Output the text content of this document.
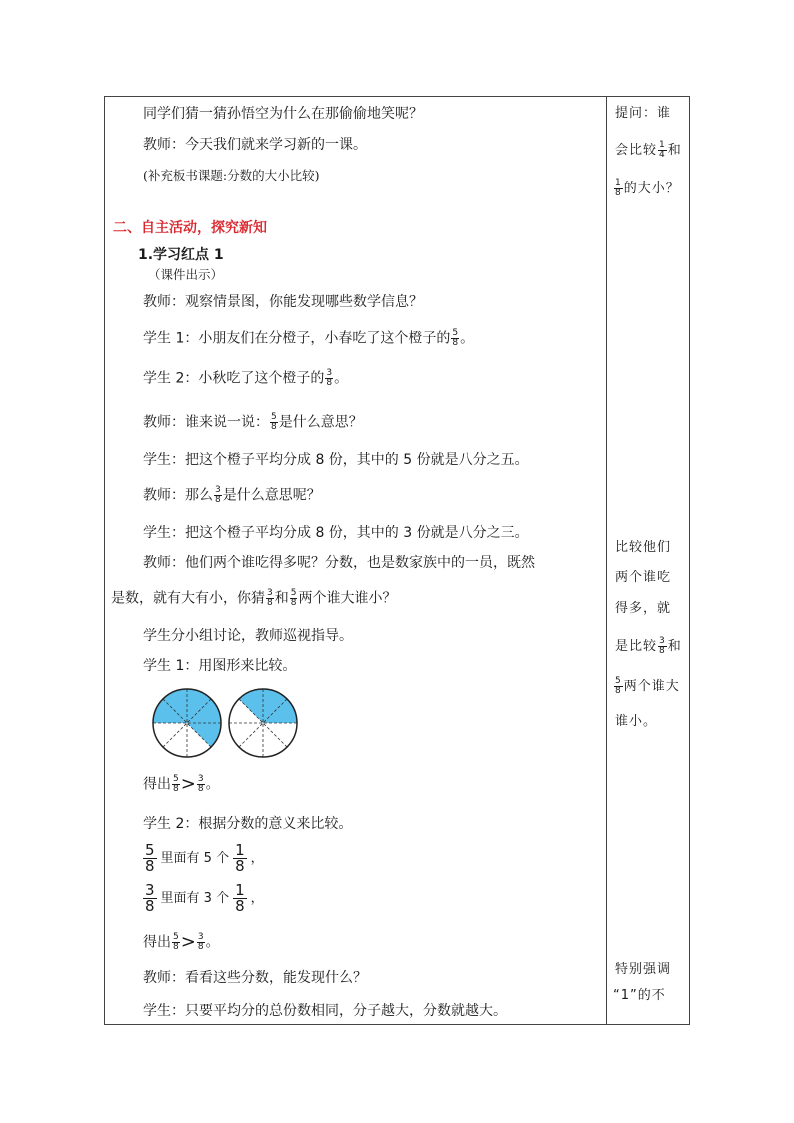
同学们猜一猜孙悟空为什么在那偷偷地笑呢？
教师：今天我们就来学习新的一课。
(补充板书课题:分数的大小比较)
二、自主活动，探究新知
1.学习红点 1
（课件出示）
教师：观察情景图，你能发现哪些数学信息？
学生 1：小朋友们在分橙子，小春吃了这个橙子的 $\frac{5}{8}$ 。
学生 2：小秋吃了这个橙子的 $\frac{3}{8}$ 。
教师：谁来说一说： $\frac{5}{8}$ 是什么意思？
学生：把这个橙子平均分成 8 份，其中的 5 份就是八分之五。
教师：那么 $\frac{3}{8}$ 是什么意思呢？
学生：把这个橙子平均分成 8 份，其中的 3 份就是八分之三。
教师：他们两个谁吃得多呢？分数，也是数家族中的一员，既然
是数，就有大有小，你猜 $\frac{3}{8}$ 和 $\frac{5}{8}$ 两个谁大谁小？
学生分小组讨论，教师巡视指导。
学生 1：用图形来比较。
得出 $\frac{5}{8} > \frac{3}{8}$ 。
学生 2：根据分数的意义来比较。
$\frac{5}{8}$ 里面有 5 个 $\frac{1}{8}$ ，
$\frac{3}{8}$ 里面有 3 个 $\frac{1}{8}$ ，
得出 $\frac{5}{8} > \frac{3}{8}$ 。
教师：看看这些分数，能发现什么？
学生：只要平均分的总份数相同，分子越大，分数就越大。
提问：谁
会比较 $\frac{1}{4}$ 和
$\frac{1}{8}$ 的大小？
比较他们
两个谁吃
得多，就
是比较 $\frac{3}{8}$ 和
$\frac{5}{8}$ 两个谁大
谁小。
特别强调
“1”的不
